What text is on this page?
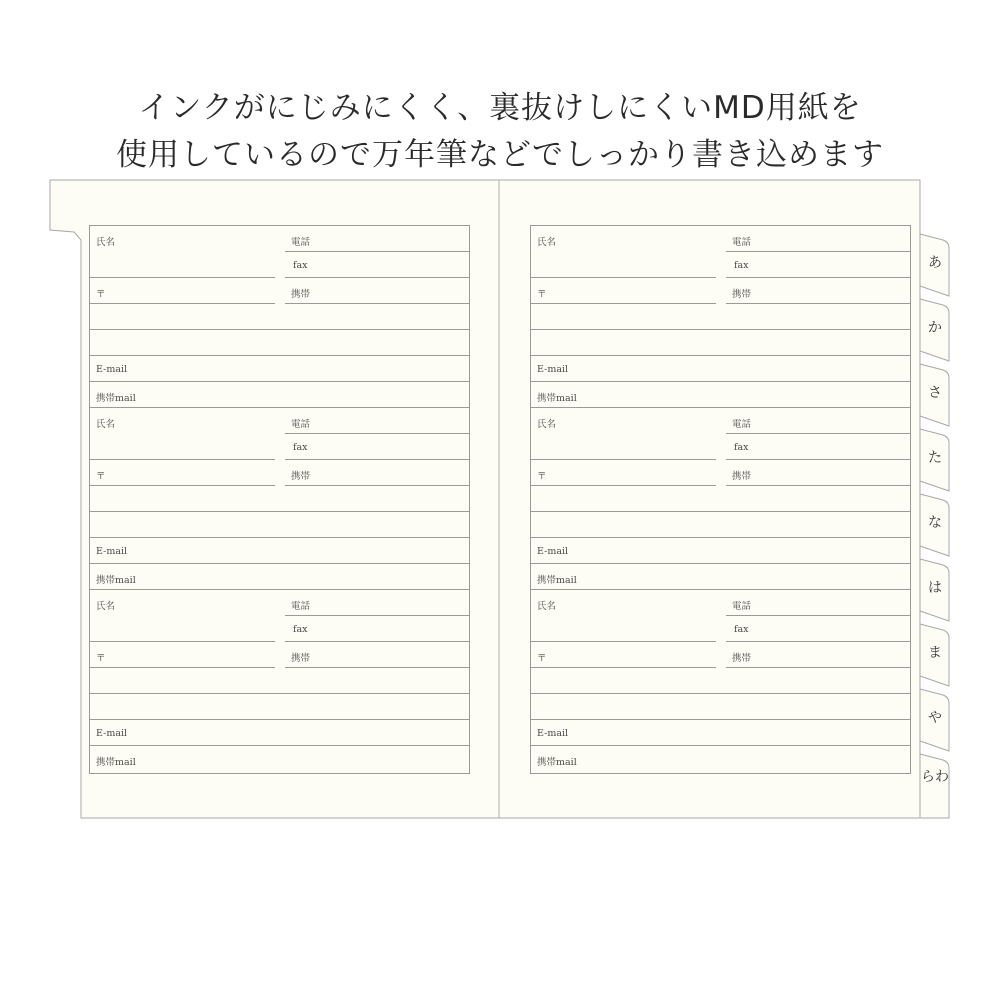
インクがにじみにくく、裏抜けしにくいMD用紙を
使用しているので万年筆などでしっかり書き込めます
氏名	電話
fax
〒	携帯
E-mail
携帯mail
氏名	電話
fax
〒	携帯
E-mail
携帯mail
氏名	電話
fax
〒	携帯
E-mail
携帯mail
氏名	電話
fax
〒	携帯
E-mail
携帯mail
氏名	電話
fax
〒	携帯
E-mail
携帯mail
氏名	電話
fax
〒	携帯
E-mail
携帯mail
あ
か
さ
た
な
は
ま
や
らわ
